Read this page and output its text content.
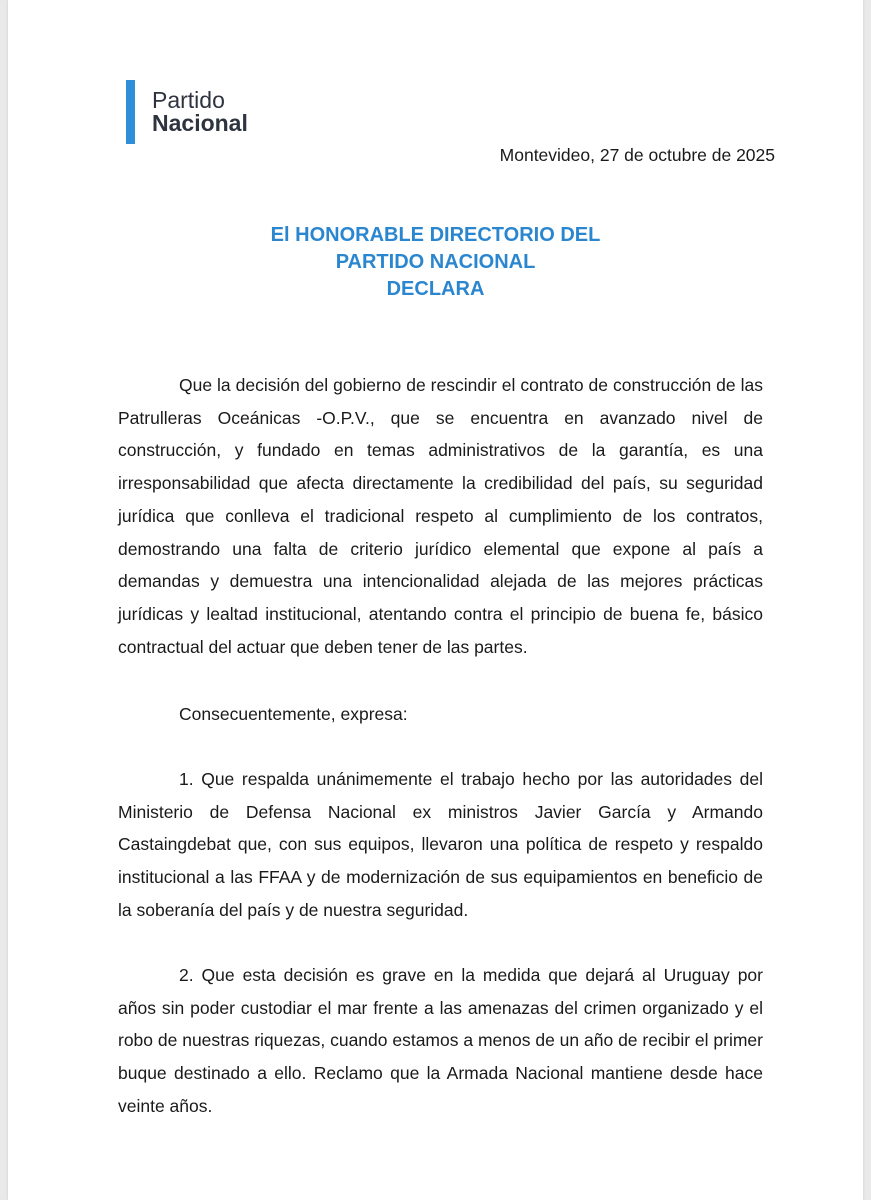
Partido
Nacional
Montevideo, 27 de octubre de 2025
El HONORABLE DIRECTORIO DEL
PARTIDO NACIONAL
DECLARA

Que la decisión del gobierno de rescindir el contrato de construcción de las Patrulleras Oceánicas -O.P.V., que se encuentra en avanzado nivel de construcción, y fundado en temas administrativos de la garantía, es una irresponsabilidad que afecta directamente la credibilidad del país, su seguridad jurídica que conlleva el tradicional respeto al cumplimiento de los contratos, demostrando una falta de criterio jurídico elemental que expone al país a demandas y demuestra una intencionalidad alejada de las mejores prácticas jurídicas y lealtad institucional, atentando contra el principio de buena fe, básico contractual del actuar que deben tener de las partes.

Consecuentemente, expresa:

1. Que respalda unánimemente el trabajo hecho por las autoridades del Ministerio de Defensa Nacional ex ministros Javier García y Armando Castaingdebat que, con sus equipos, llevaron una política de respeto y respaldo institucional a las FFAA y de modernización de sus equipamientos en beneficio de la soberanía del país y de nuestra seguridad.

2. Que esta decisión es grave en la medida que dejará al Uruguay por años sin poder custodiar el mar frente a las amenazas del crimen organizado y el robo de nuestras riquezas, cuando estamos a menos de un año de recibir el primer buque destinado a ello. Reclamo que la Armada Nacional mantiene desde hace veinte años.
